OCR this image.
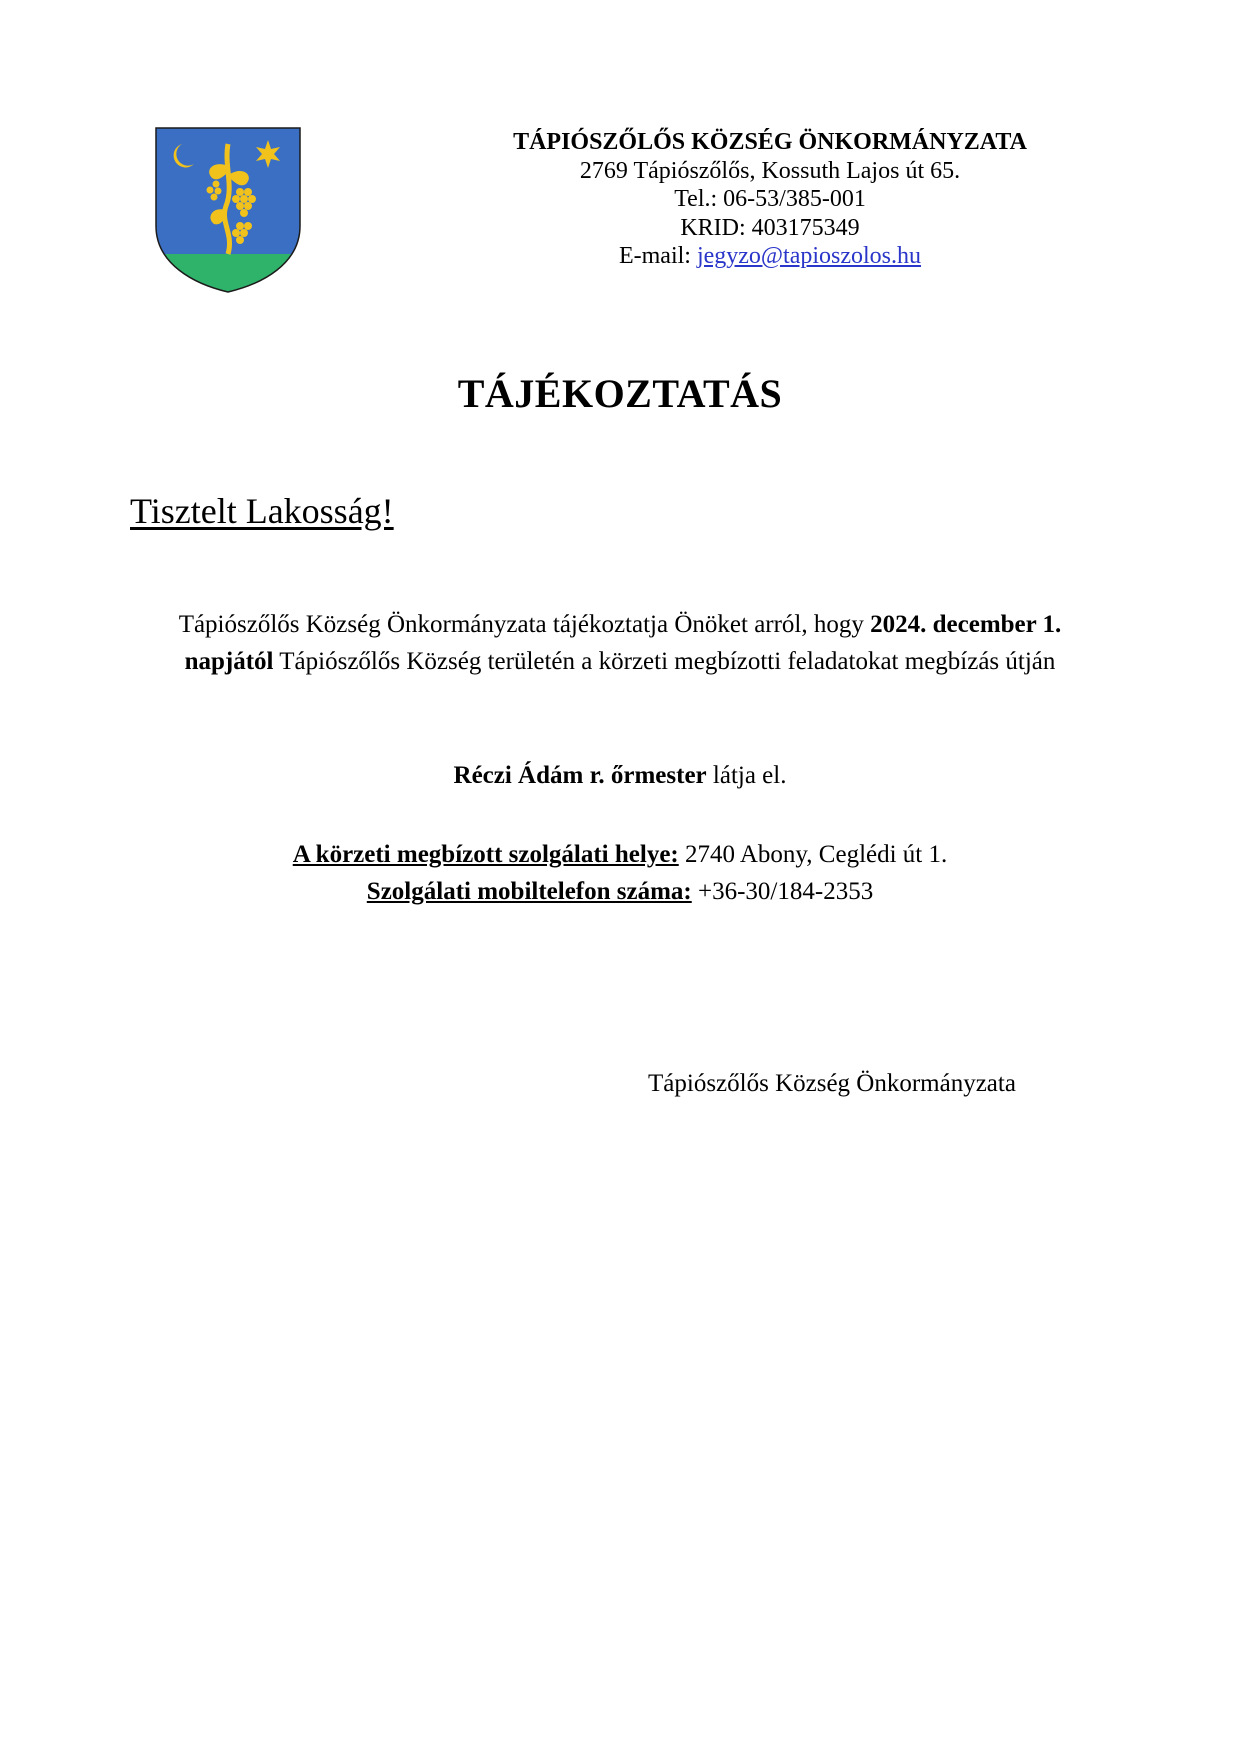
TÁPIÓSZŐLŐS KÖZSÉG ÖNKORMÁNYZATA
2769 Tápiószőlős, Kossuth Lajos út 65.
Tel.: 06-53/385-001
KRID: 403175349
E-mail: jegyzo@tapioszolos.hu
TÁJÉKOZTATÁS
Tisztelt Lakosság!
Tápiószőlős Község Önkormányzata tájékoztatja Önöket arról, hogy 2024. december 1. napjától Tápiószőlős Község területén a körzeti megbízotti feladatokat megbízás útján
Réczi Ádám r. őrmester látja el.
A körzeti megbízott szolgálati helye: 2740 Abony, Ceglédi út 1.
Szolgálati mobiltelefon száma: +36-30/184-2353
Tápiószőlős Község Önkormányzata
